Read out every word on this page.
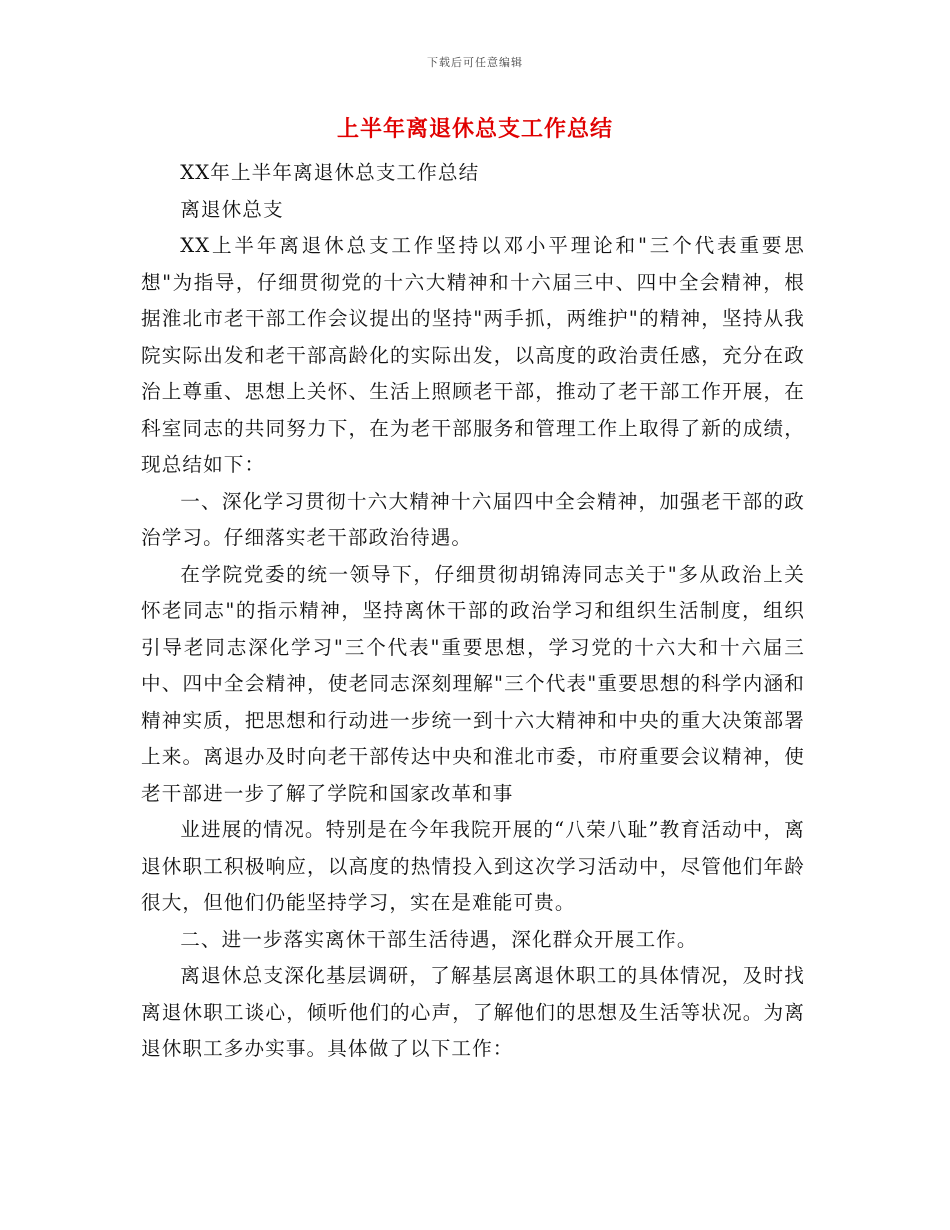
下载后可任意编辑
上半年离退休总支工作总结

XX年上半年离退休总支工作总结

离退休总支

XX上半年离退休总支工作坚持以邓小平理论和"三个代表重要思想"为指导，仔细贯彻党的十六大精神和十六届三中、四中全会精神，根据淮北市老干部工作会议提出的坚持"两手抓，两维护"的精神，坚持从我院实际出发和老干部高龄化的实际出发，以高度的政治责任感，充分在政治上尊重、思想上关怀、生活上照顾老干部，推动了老干部工作开展，在科室同志的共同努力下，在为老干部服务和管理工作上取得了新的成绩，现总结如下：

一、深化学习贯彻十六大精神十六届四中全会精神，加强老干部的政治学习。仔细落实老干部政治待遇。

在学院党委的统一领导下，仔细贯彻胡锦涛同志关于"多从政治上关怀老同志"的指示精神，坚持离休干部的政治学习和组织生活制度，组织引导老同志深化学习"三个代表"重要思想，学习党的十六大和十六届三中、四中全会精神，使老同志深刻理解"三个代表"重要思想的科学内涵和精神实质，把思想和行动进一步统一到十六大精神和中央的重大决策部署上来。离退办及时向老干部传达中央和淮北市委，市府重要会议精神，使老干部进一步了解了学院和国家改革和事

业进展的情况。特别是在今年我院开展的“八荣八耻”教育活动中，离退休职工积极响应，以高度的热情投入到这次学习活动中，尽管他们年龄很大，但他们仍能坚持学习，实在是难能可贵。

二、进一步落实离休干部生活待遇，深化群众开展工作。

离退休总支深化基层调研，了解基层离退休职工的具体情况，及时找离退休职工谈心，倾听他们的心声，了解他们的思想及生活等状况。为离退休职工多办实事。具体做了以下工作：
